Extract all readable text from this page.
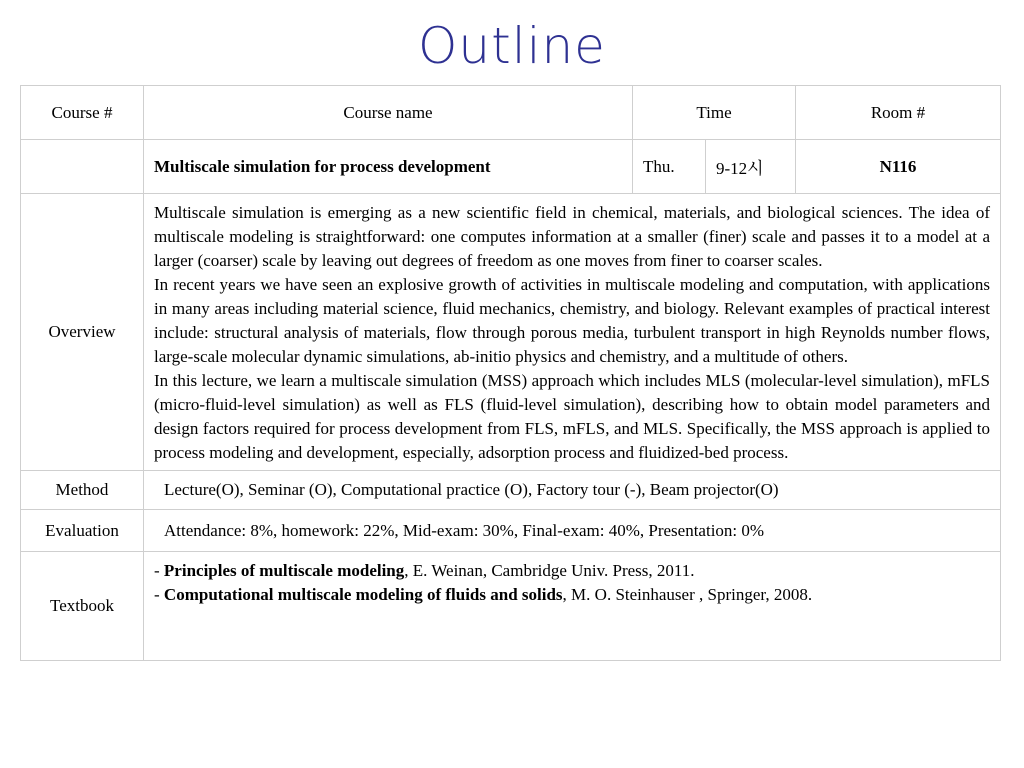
Outline
Course #	Course name	Time		Room #
	Multiscale simulation for process development	Thu.	9-12시	N116
Overview	Multiscale simulation is emerging as a new scientific field in chemical, materials, and biological sciences. The idea of multiscale modeling is straightforward: one computes information at a smaller (finer) scale and passes it to a model at a larger (coarser) scale by leaving out degrees of freedom as one moves from finer to coarser scales.

In recent years we have seen an explosive growth of activities in multiscale modeling and computation, with applications in many areas including material science, fluid mechanics, chemistry, and biology. Relevant examples of practical interest include: structural analysis of materials, flow through porous media, turbulent transport in high Reynolds number flows, large-scale molecular dynamic simulations, ab-initio physics and chemistry, and a multitude of others.

In this lecture, we learn a multiscale simulation (MSS) approach which includes MLS (molecular-level simulation), mFLS (micro-fluid-level simulation) as well as FLS (fluid-level simulation), describing how to obtain model parameters and design factors required for process development from FLS, mFLS, and MLS. Specifically, the MSS approach is applied to process modeling and development, especially, adsorption process and fluidized-bed process.			

Method	Lecture(O), Seminar (O), Computational practice (O), Factory tour (-), Beam projector(O)			
Evaluation	Attendance: 8%, homework: 22%, Mid-exam: 30%, Final-exam: 40%, Presentation: 0%			
Textbook	- Principles of multiscale modeling, E. Weinan, Cambridge Univ. Press, 2011.
- Computational multiscale modeling of fluids and solids, M. O. Steinhauser , Springer, 2008.			
